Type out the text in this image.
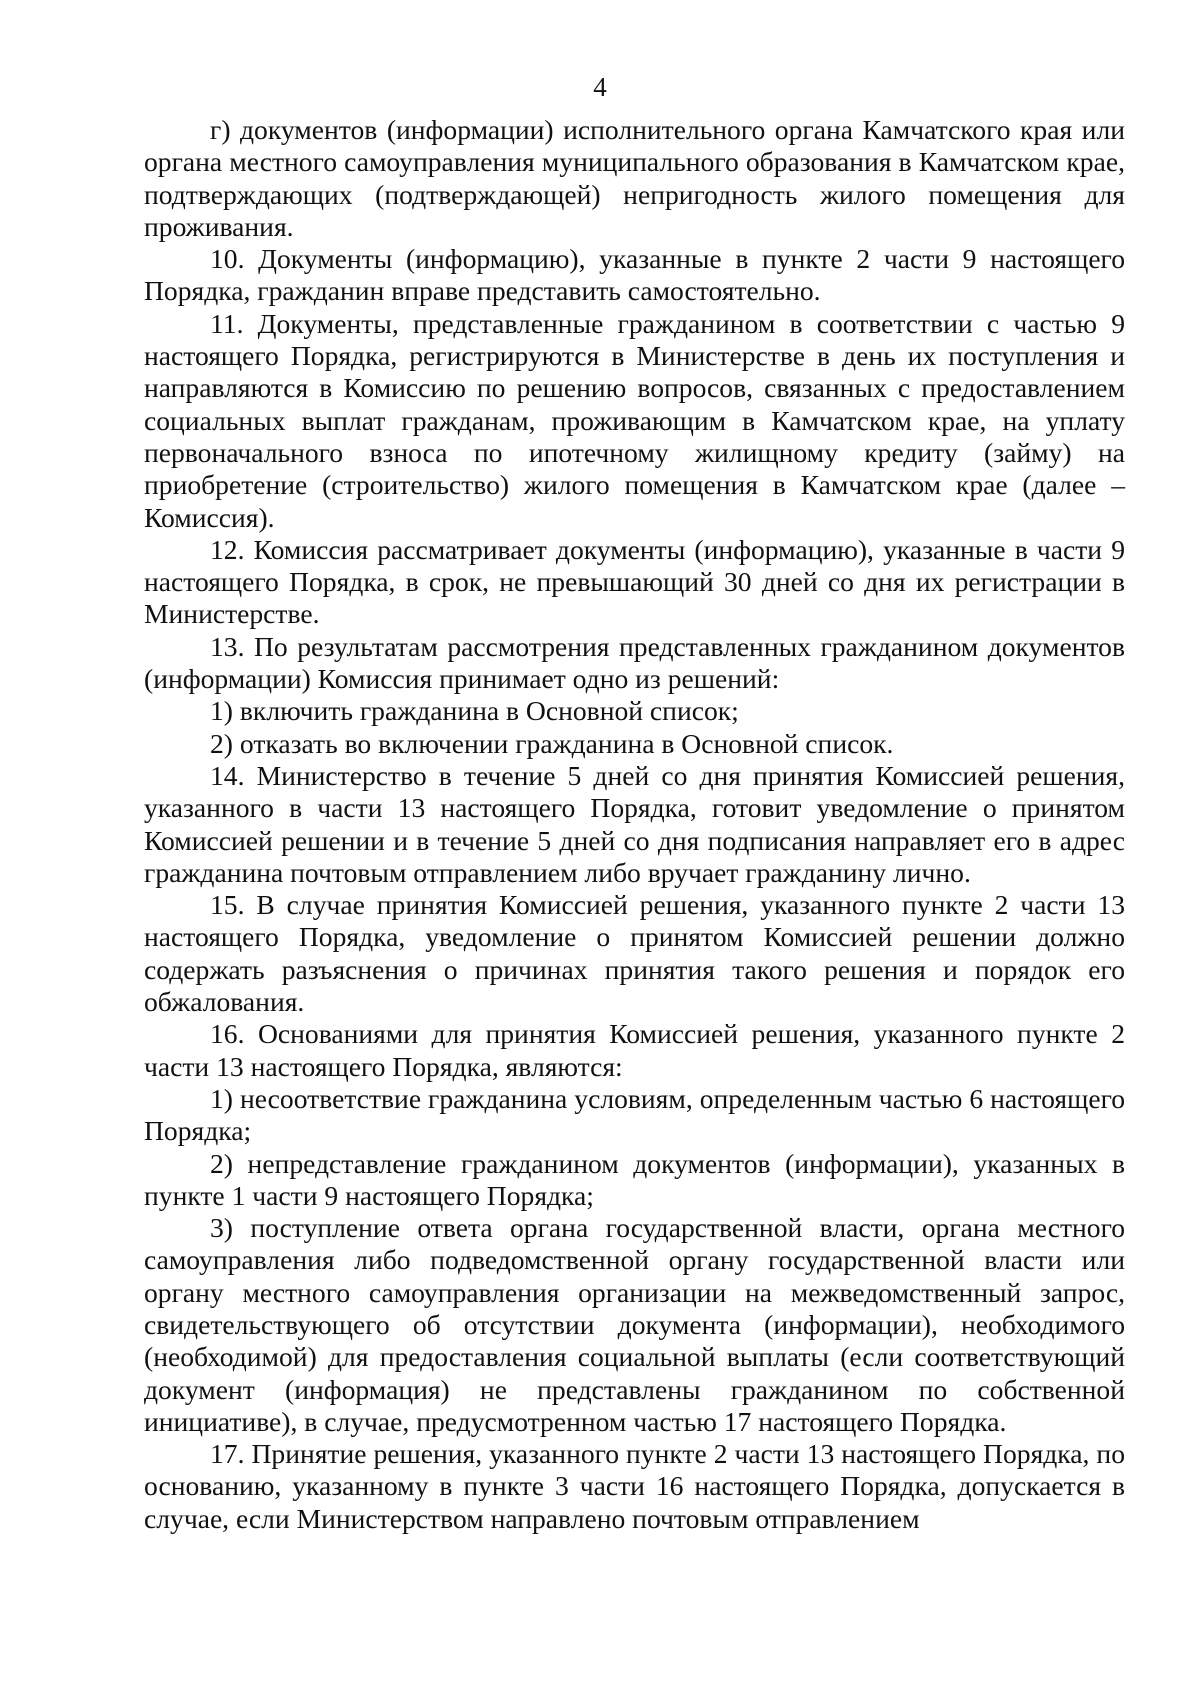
4

г) документов (информации) исполнительного органа Камчатского края или органа местного самоуправления муниципального образования в Камчатском крае, подтверждающих (подтверждающей) непригодность жилого помещения для проживания.

10. Документы (информацию), указанные в пункте 2 части 9 настоящего Порядка, гражданин вправе представить самостоятельно.

11. Документы, представленные гражданином в соответствии с частью 9 настоящего Порядка, регистрируются в Министерстве в день их поступления и направляются в Комиссию по решению вопросов, связанных с предоставлением социальных выплат гражданам, проживающим в Камчатском крае, на уплату первоначального взноса по ипотечному жилищному кредиту (займу) на приобретение (строительство) жилого помещения в Камчатском крае (далее – Комиссия).

12. Комиссия рассматривает документы (информацию), указанные в части 9 настоящего Порядка, в срок, не превышающий 30 дней со дня их регистрации в Министерстве.

13. По результатам рассмотрения представленных гражданином документов (информации) Комиссия принимает одно из решений:

1) включить гражданина в Основной список;

2) отказать во включении гражданина в Основной список.

14. Министерство в течение 5 дней со дня принятия Комиссией решения, указанного в части 13 настоящего Порядка, готовит уведомление о принятом Комиссией решении и в течение 5 дней со дня подписания направляет его в адрес гражданина почтовым отправлением либо вручает гражданину лично.

15. В случае принятия Комиссией решения, указанного пункте 2 части 13 настоящего Порядка, уведомление о принятом Комиссией решении должно содержать разъяснения о причинах принятия такого решения и порядок его обжалования.

16. Основаниями для принятия Комиссией решения, указанного пункте 2 части 13 настоящего Порядка, являются:

1) несоответствие гражданина условиям, определенным частью 6 настоящего Порядка;

2) непредставление гражданином документов (информации), указанных в пункте 1 части 9 настоящего Порядка;

3) поступление ответа органа государственной власти, органа местного самоуправления либо подведомственной органу государственной власти или органу местного самоуправления организации на межведомственный запрос, свидетельствующего об отсутствии документа (информации), необходимого (необходимой) для предоставления социальной выплаты (если соответствующий документ (информация) не представлены гражданином по собственной инициативе), в случае, предусмотренном частью 17 настоящего Порядка.

17. Принятие решения, указанного пункте 2 части 13 настоящего Порядка, по основанию, указанному в пункте 3 части 16 настоящего Порядка, допускается в случае, если Министерством направлено почтовым отправлением
